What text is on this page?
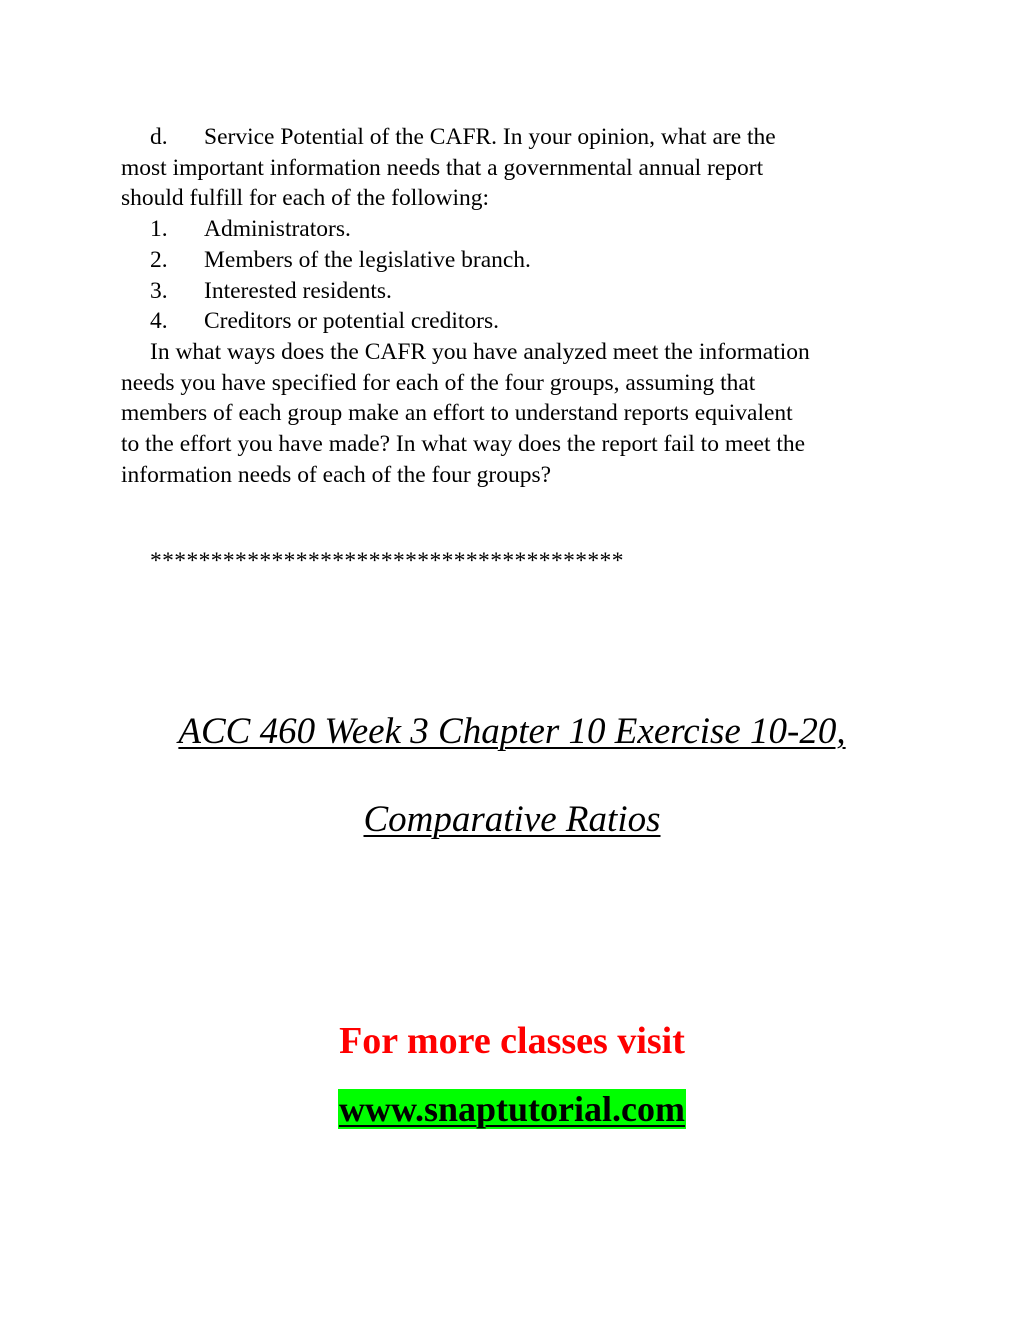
d. Service Potential of the CAFR. In your opinion, what are the
most important information needs that a governmental annual report
should fulfill for each of the following:
1. Administrators.
2. Members of the legislative branch.
3. Interested residents.
4. Creditors or potential creditors.
In what ways does the CAFR you have analyzed meet the information
needs you have specified for each of the four groups, assuming that
members of each group make an effort to understand reports equivalent
to the effort you have made? In what way does the report fail to meet the
information needs of each of the four groups?
***************************************
ACC 460 Week 3 Chapter 10 Exercise 10-20,
Comparative Ratios
For more classes visit
www.snaptutorial.com
